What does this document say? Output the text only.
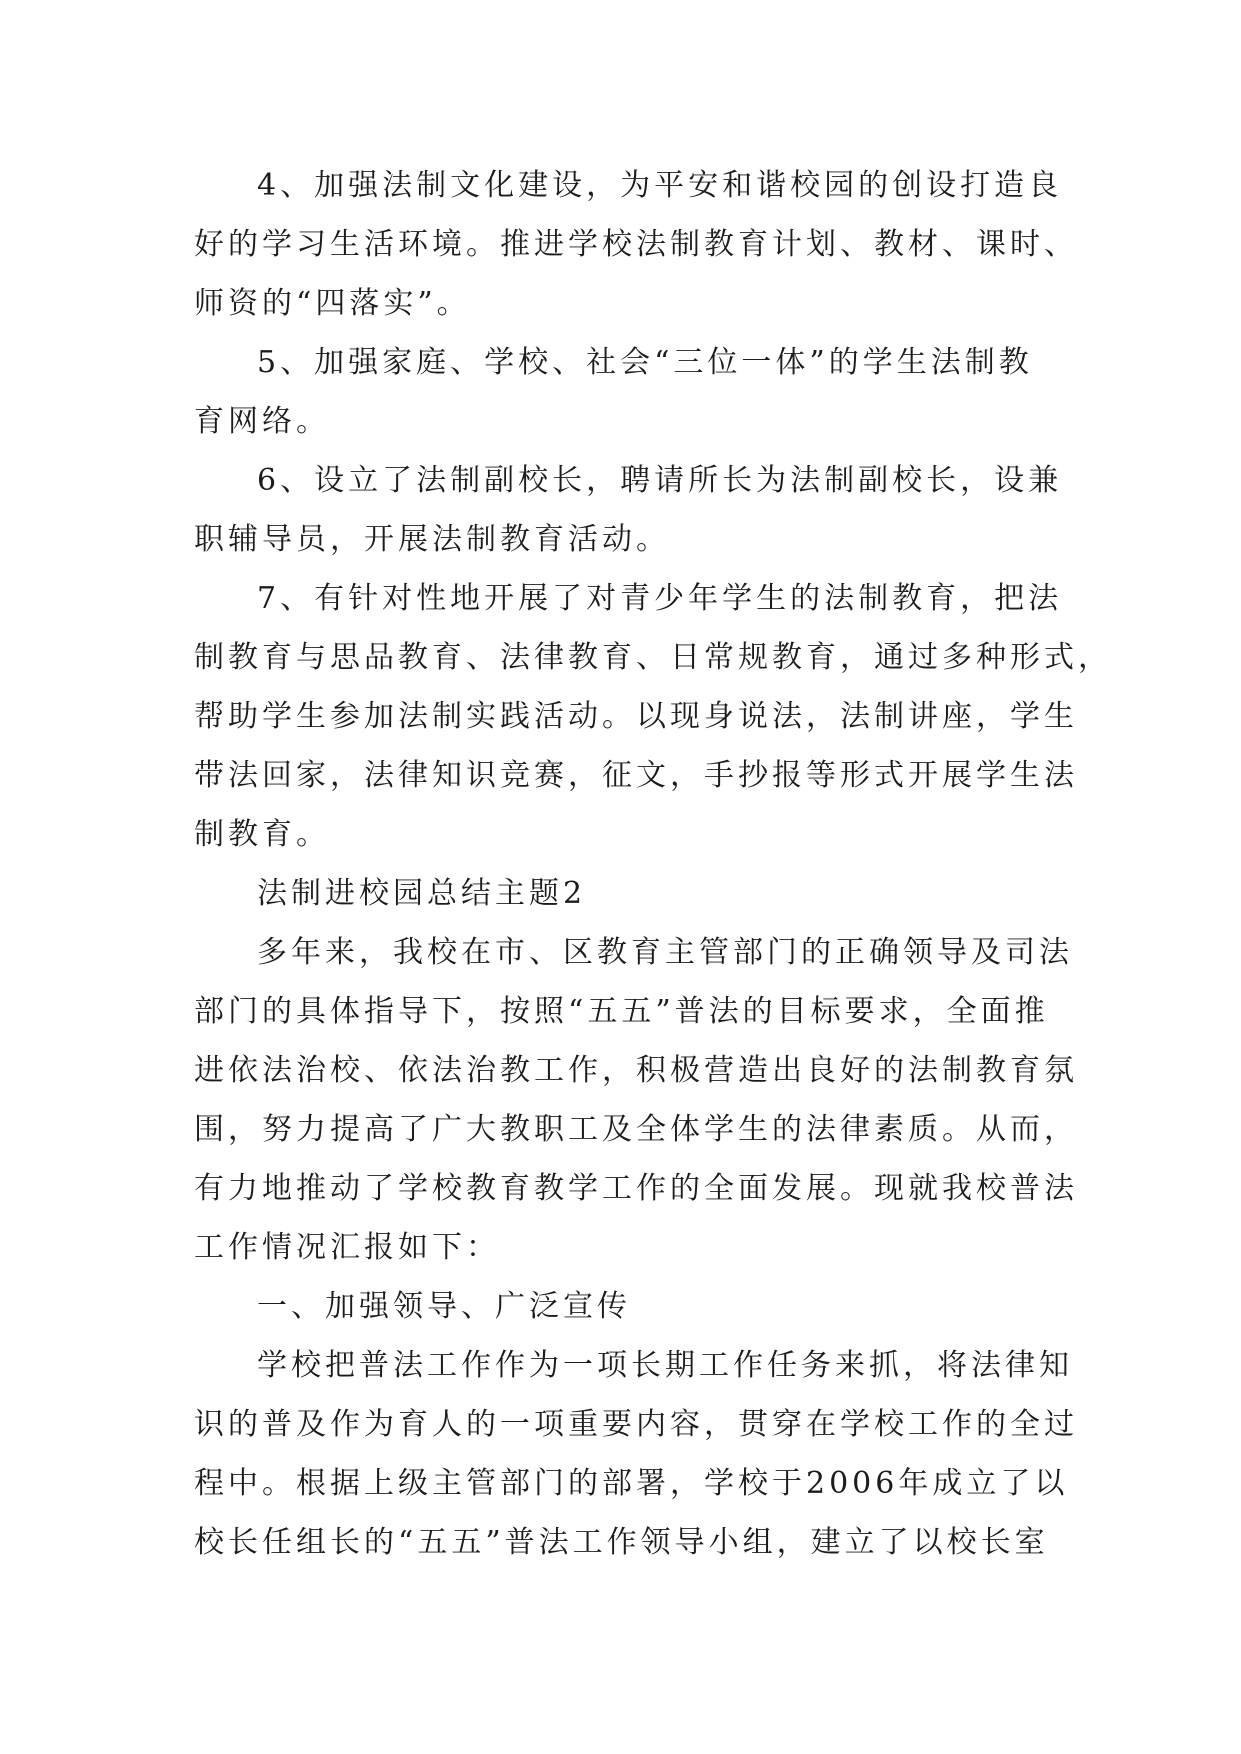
4、加强法制文化建设，为平安和谐校园的创设打造良
好的学习生活环境。推进学校法制教育计划、教材、课时、
师资的“四落实”。
5、加强家庭、学校、社会“三位一体”的学生法制教
育网络。
6、设立了法制副校长，聘请所长为法制副校长，设兼
职辅导员，开展法制教育活动。
7、有针对性地开展了对青少年学生的法制教育，把法
制教育与思品教育、法律教育、日常规教育，通过多种形式，
帮助学生参加法制实践活动。以现身说法，法制讲座，学生
带法回家，法律知识竞赛，征文，手抄报等形式开展学生法
制教育。
法制进校园总结主题2
多年来，我校在市、区教育主管部门的正确领导及司法
部门的具体指导下，按照“五五”普法的目标要求，全面推
进依法治校、依法治教工作，积极营造出良好的法制教育氛
围，努力提高了广大教职工及全体学生的法律素质。从而，
有力地推动了学校教育教学工作的全面发展。现就我校普法
工作情况汇报如下：
一、加强领导、广泛宣传
学校把普法工作作为一项长期工作任务来抓，将法律知
识的普及作为育人的一项重要内容，贯穿在学校工作的全过
程中。根据上级主管部门的部署，学校于2006年成立了以
校长任组长的“五五”普法工作领导小组，建立了以校长室
